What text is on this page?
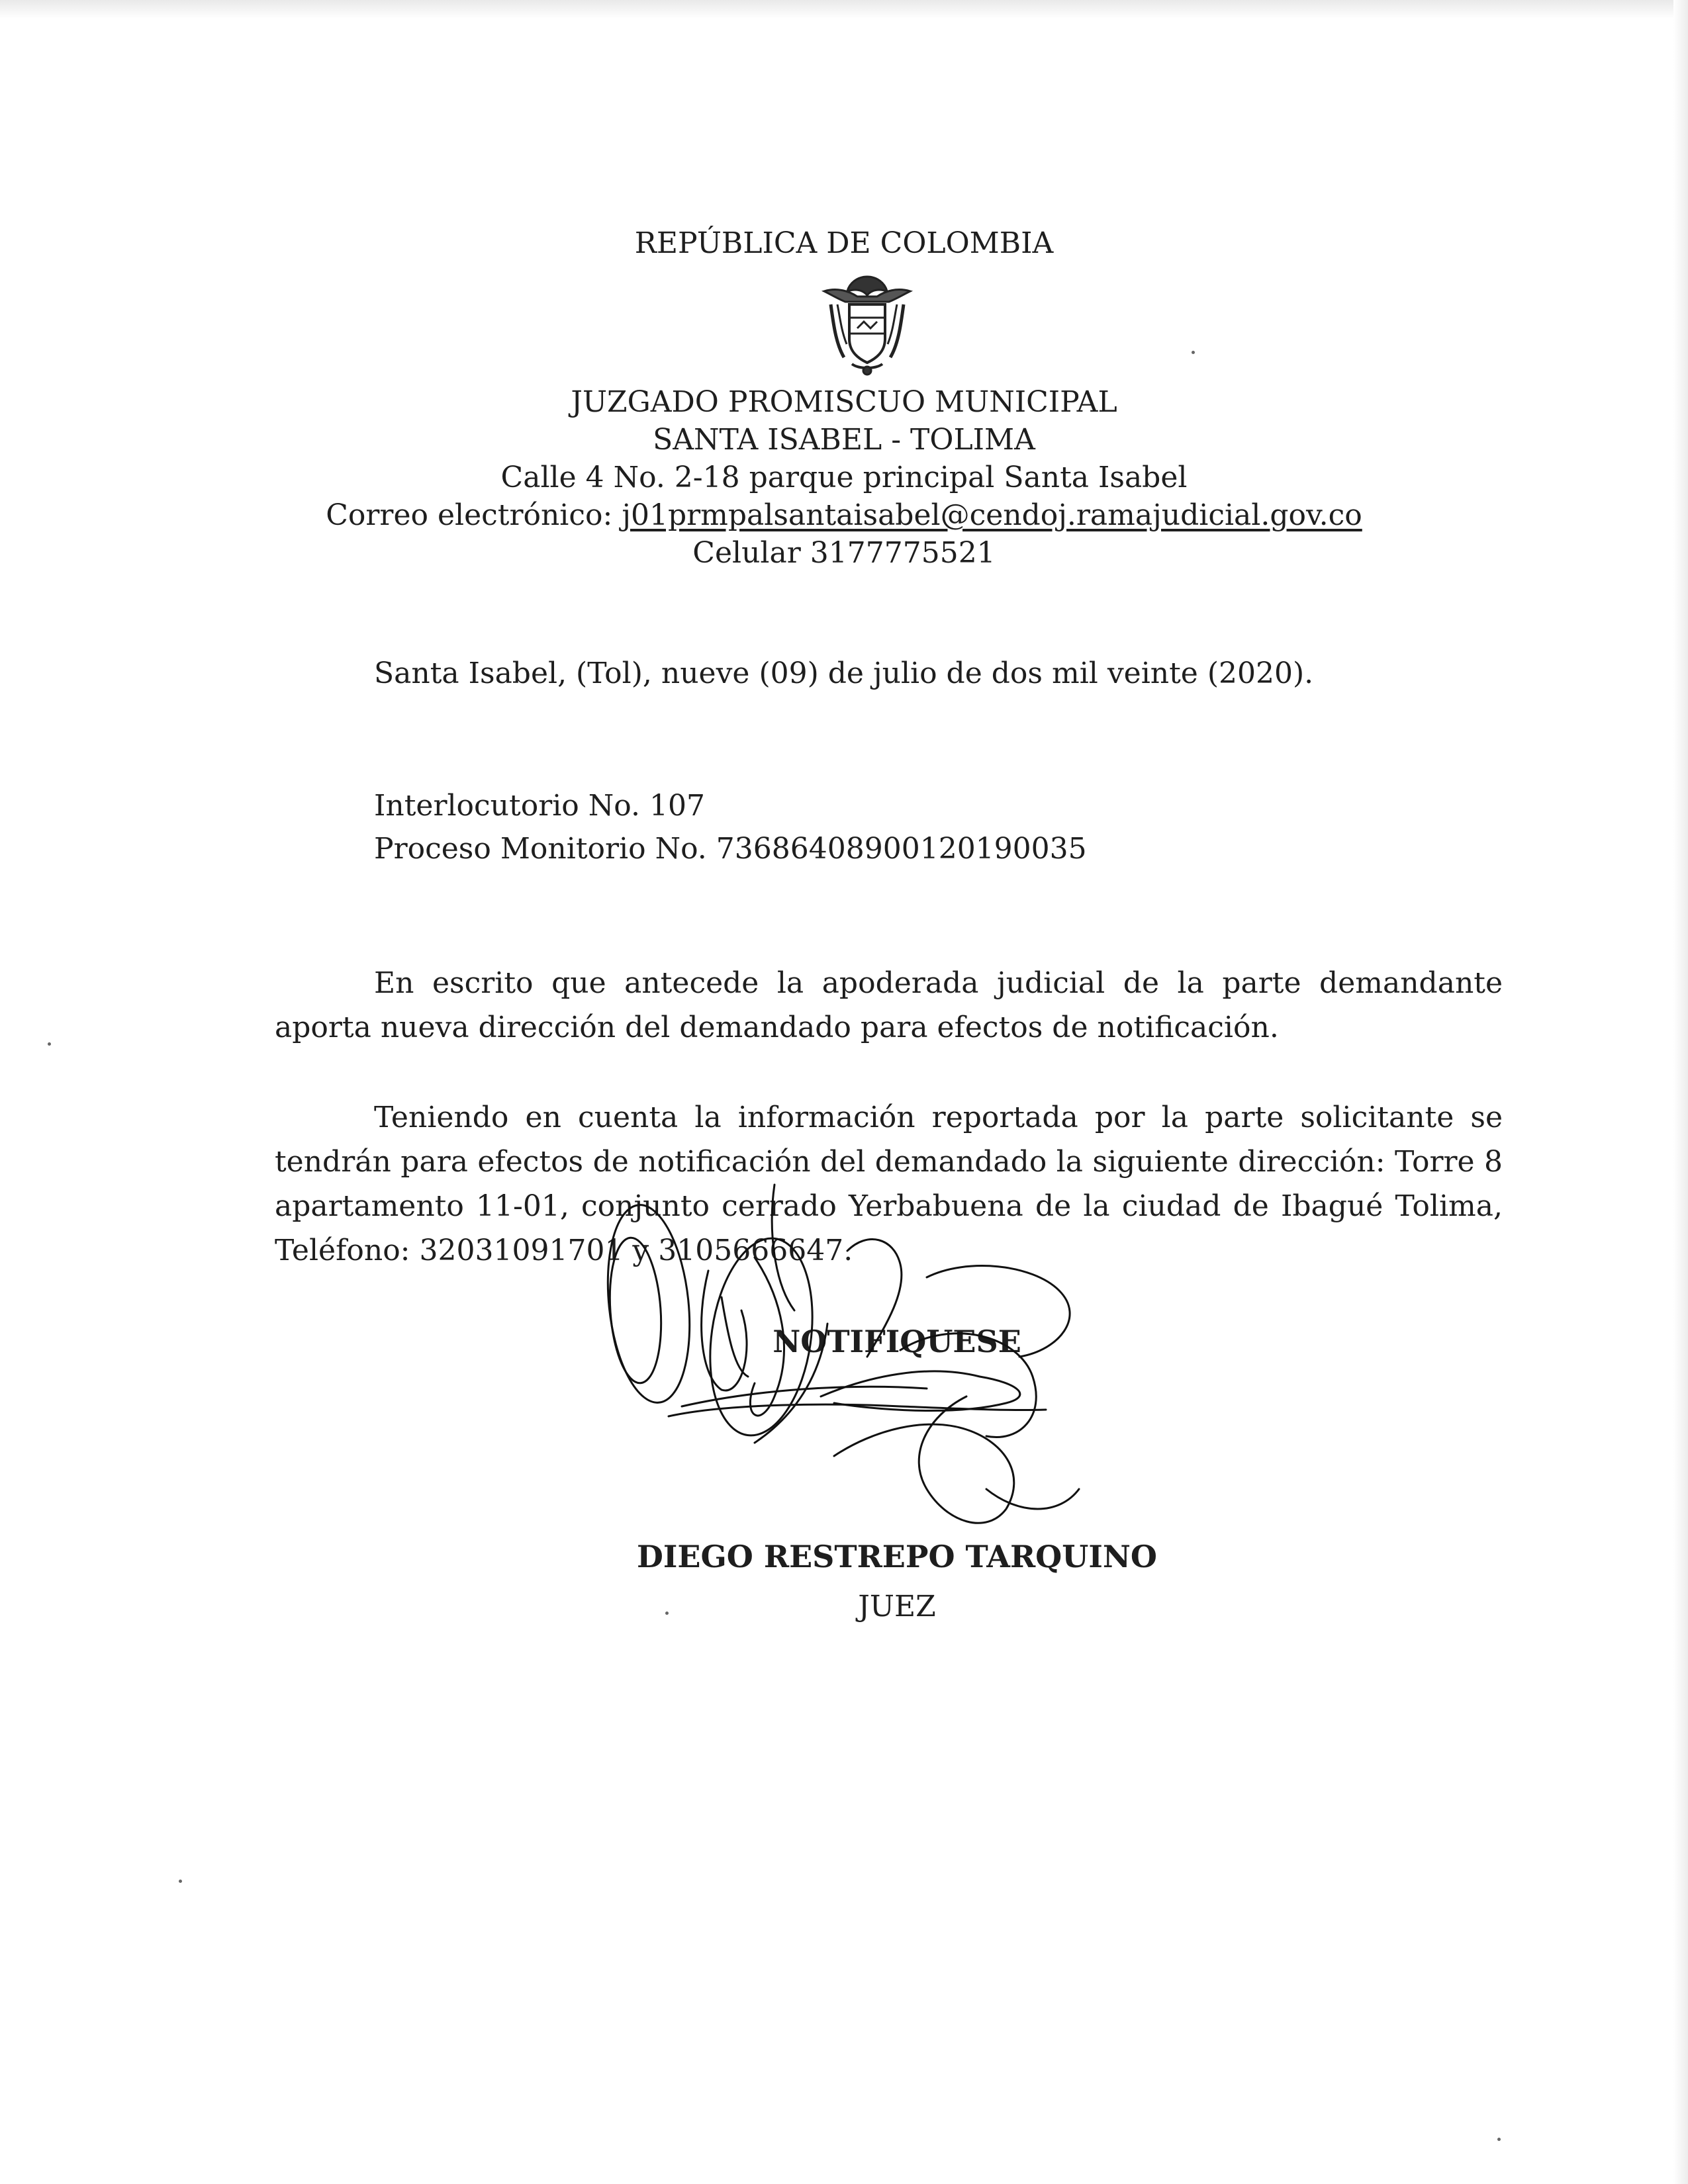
REPÚBLICA DE COLOMBIA
JUZGADO PROMISCUO MUNICIPAL
SANTA ISABEL - TOLIMA
Calle 4 No. 2-18 parque principal Santa Isabel
Correo electrónico: j01prmpalsantaisabel@cendoj.ramajudicial.gov.co
Celular 3177775521
Santa Isabel, (Tol), nueve (09) de julio de dos mil veinte (2020).
Interlocutorio No. 107
Proceso Monitorio No. 73686408900120190035
En escrito que antecede la apoderada judicial de la parte demandante aporta nueva dirección del demandado para efectos de notificación.
Teniendo en cuenta la información reportada por la parte solicitante se tendrán para efectos de notificación del demandado la siguiente dirección: Torre 8 apartamento 11-01, conjunto cerrado Yerbabuena de la ciudad de Ibagué Tolima, Teléfono: 32031091701 y 3105666647.
NOTIFIQUESE
DIEGO RESTREPO TARQUINO
JUEZ
